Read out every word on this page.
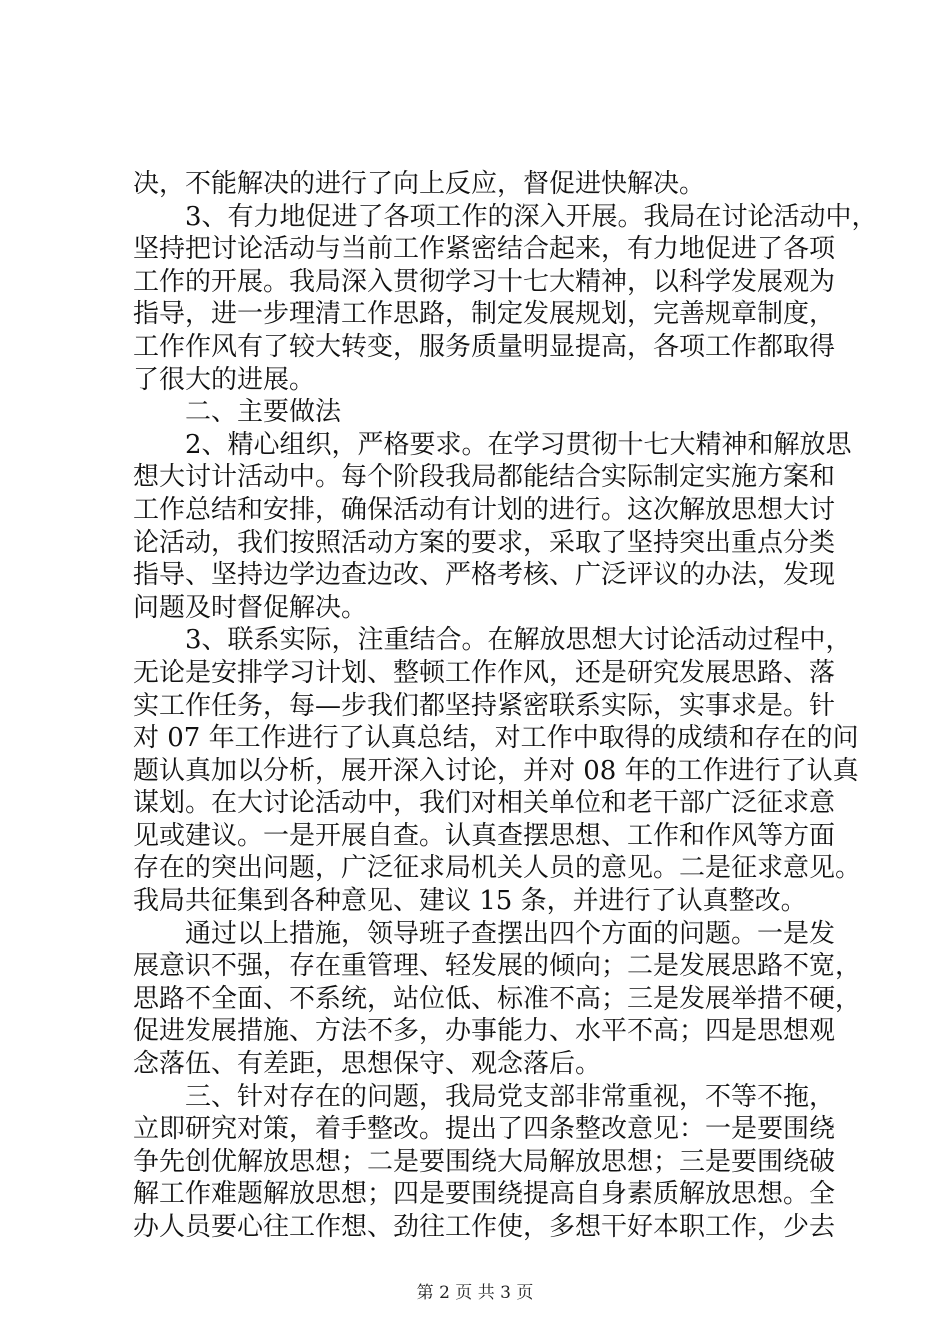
决，不能解决的进行了向上反应，督促进快解决。

　　3、有力地促进了各项工作的深入开展。我局在讨论活动中，

坚持把讨论活动与当前工作紧密结合起来，有力地促进了各项

工作的开展。我局深入贯彻学习十七大精神，以科学发展观为

指导，进一步理清工作思路，制定发展规划，完善规章制度，

工作作风有了较大转变，服务质量明显提高，各项工作都取得

了很大的进展。

　　二、主要做法

　　2、精心组织，严格要求。在学习贯彻十七大精神和解放思

想大讨计活动中。每个阶段我局都能结合实际制定实施方案和

工作总结和安排，确保活动有计划的进行。这次解放思想大讨

论活动，我们按照活动方案的要求，采取了坚持突出重点分类

指导、坚持边学边查边改、严格考核、广泛评议的办法，发现

问题及时督促解决。

　　3、联系实际，注重结合。在解放思想大讨论活动过程中，

无论是安排学习计划、整顿工作作风，还是研究发展思路、落

实工作任务，每—步我们都坚持紧密联系实际，实事求是。针

对 07 年工作进行了认真总结，对工作中取得的成绩和存在的问

题认真加以分析，展开深入讨论，并对 08 年的工作进行了认真

谋划。在大讨论活动中，我们对相关单位和老干部广泛征求意

见或建议。一是开展自查。认真查摆思想、工作和作风等方面

存在的突出问题，广泛征求局机关人员的意见。二是征求意见。

我局共征集到各种意见、建议 15 条，并进行了认真整改。

　　通过以上措施，领导班子查摆出四个方面的问题。一是发

展意识不强，存在重管理、轻发展的倾向；二是发展思路不宽，

思路不全面、不系统，站位低、标准不高；三是发展举措不硬，

促进发展措施、方法不多，办事能力、水平不高；四是思想观

念落伍、有差距，思想保守、观念落后。

　　三、针对存在的问题，我局党支部非常重视，不等不拖，

立即研究对策，着手整改。提出了四条整改意见：一是要围绕

争先创优解放思想；二是要围绕大局解放思想；三是要围绕破

解工作难题解放思想；四是要围绕提高自身素质解放思想。全

办人员要心往工作想、劲往工作使，多想干好本职工作，少去

第 2 页 共 3 页
